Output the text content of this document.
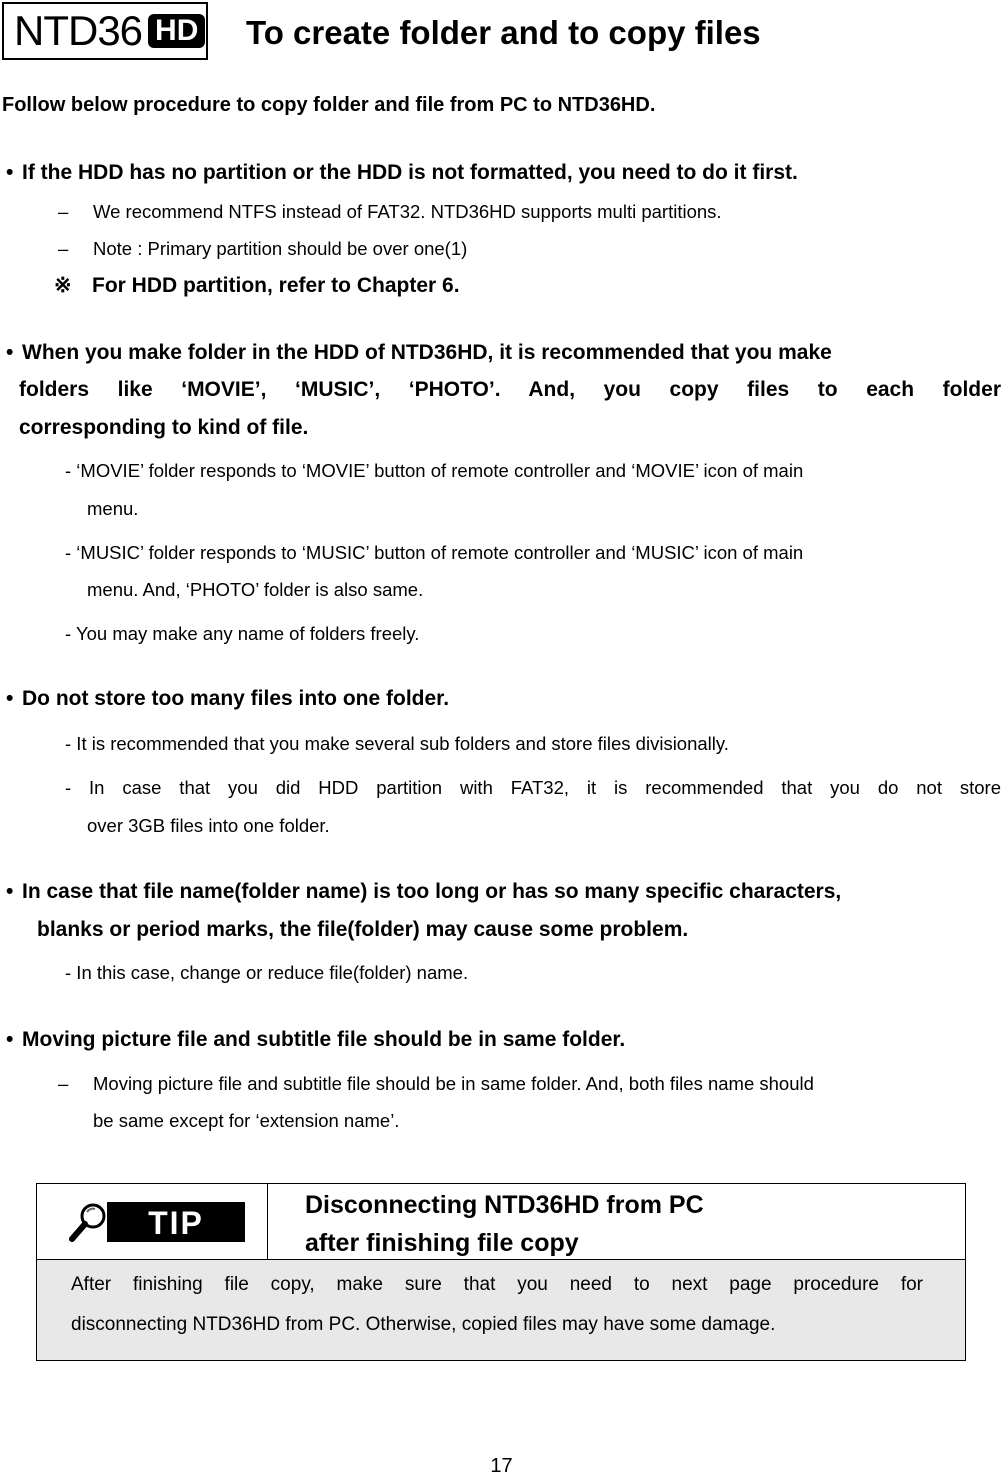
NTD36 HD To create folder and to copy files
Follow below procedure to copy folder and file from PC to NTD36HD.
• If the HDD has no partition or the HDD is not formatted, you need to do it first.
– We recommend NTFS instead of FAT32. NTD36HD supports multi partitions.
– Note : Primary partition should be over one(1)
※ For HDD partition, refer to Chapter 6.
• When you make folder in the HDD of NTD36HD, it is recommended that you make
folders like ‘MOVIE’, ‘MUSIC’, ‘PHOTO’. And, you copy files to each folder
corresponding to kind of file.
- ‘MOVIE’ folder responds to ‘MOVIE’ button of remote controller and ‘MOVIE’ icon of main
menu.
- ‘MUSIC’ folder responds to ‘MUSIC’ button of remote controller and ‘MUSIC’ icon of main
menu. And, ‘PHOTO’ folder is also same.
- You may make any name of folders freely.
• Do not store too many files into one folder.
- It is recommended that you make several sub folders and store files divisionally.
- In case that you did HDD partition with FAT32, it is recommended that you do not store
over 3GB files into one folder.
• In case that file name(folder name) is too long or has so many specific characters,
blanks or period marks, the file(folder) may cause some problem.
- In this case, change or reduce file(folder) name.
• Moving picture file and subtitle file should be in same folder.
– Moving picture file and subtitle file should be in same folder. And, both files name should
be same except for ‘extension name’.
TIP	Disconnecting NTD36HD from PC
after finishing file copy
After finishing file copy, make sure that you need to next page procedure for
disconnecting NTD36HD from PC. Otherwise, copied files may have some damage.
17
